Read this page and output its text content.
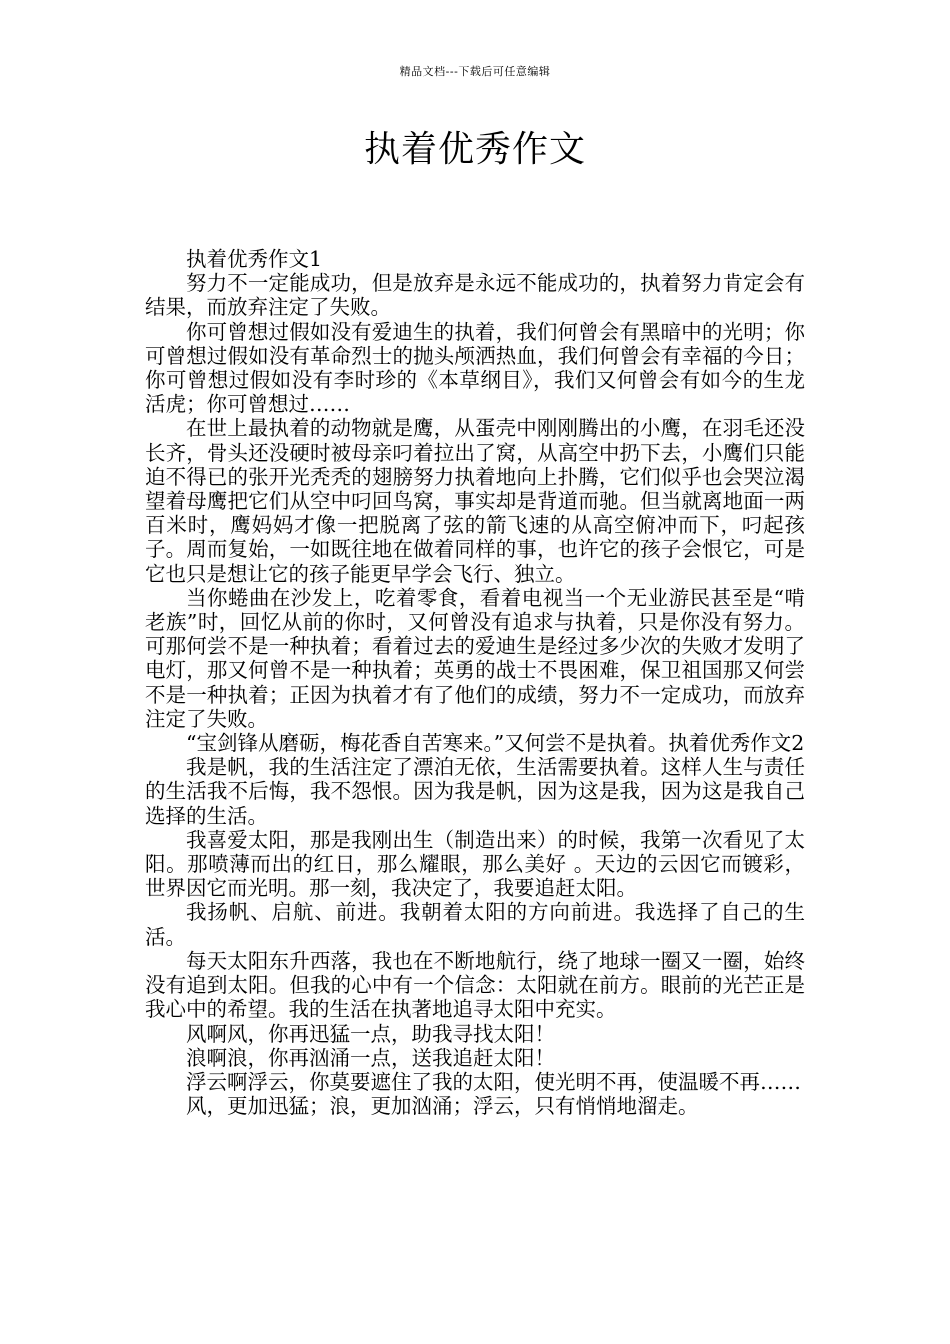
精品文档---下载后可任意编辑
执着优秀作文

执着优秀作文1

努力不一定能成功，但是放弃是永远不能成功的，执着努力肯定会有结果，而放弃注定了失败。

你可曾想过假如没有爱迪生的执着，我们何曾会有黑暗中的光明；你可曾想过假如没有革命烈士的抛头颅洒热血，我们何曾会有幸福的今日；你可曾想过假如没有李时珍的《本草纲目》，我们又何曾会有如今的生龙活虎；你可曾想过……

在世上最执着的动物就是鹰，从蛋壳中刚刚腾出的小鹰，在羽毛还没长齐，骨头还没硬时被母亲叼着拉出了窝，从高空中扔下去，小鹰们只能迫不得已的张开光秃秃的翅膀努力执着地向上扑腾，它们似乎也会哭泣渴望着母鹰把它们从空中叼回鸟窝，事实却是背道而驰。但当就离地面一两百米时，鹰妈妈才像一把脱离了弦的箭飞速的从高空俯冲而下，叼起孩子。周而复始，一如既往地在做着同样的事，也许它的孩子会恨它，可是它也只是想让它的孩子能更早学会飞行、独立。

当你蜷曲在沙发上，吃着零食，看着电视当一个无业游民甚至是“啃老族”时，回忆从前的你时，又何曾没有追求与执着，只是你没有努力。可那何尝不是一种执着；看着过去的爱迪生是经过多少次的失败才发明了电灯，那又何曾不是一种执着；英勇的战士不畏困难，保卫祖国那又何尝不是一种执着；正因为执着才有了他们的成绩，努力不一定成功，而放弃注定了失败。

“宝剑锋从磨砺，梅花香自苦寒来。”又何尝不是执着。执着优秀作文2

我是帆，我的生活注定了漂泊无依，生活需要执着。这样人生与责任的生活我不后悔，我不怨恨。因为我是帆，因为这是我，因为这是我自己选择的生活。

我喜爱太阳，那是我刚出生（制造出来）的时候，我第一次看见了太阳。那喷薄而出的红日，那么耀眼，那么美好 。天边的云因它而镀彩，世界因它而光明。那一刻，我决定了，我要追赶太阳。

我扬帆、启航、前进。我朝着太阳的方向前进。我选择了自己的生活。

每天太阳东升西落，我也在不断地航行，绕了地球一圈又一圈，始终没有追到太阳。但我的心中有一个信念：太阳就在前方。眼前的光芒正是我心中的希望。我的生活在执著地追寻太阳中充实。

风啊风，你再迅猛一点，助我寻找太阳！

浪啊浪，你再汹涌一点，送我追赶太阳！

浮云啊浮云，你莫要遮住了我的太阳，使光明不再，使温暖不再……

风，更加迅猛；浪，更加汹涌；浮云，只有悄悄地溜走。
